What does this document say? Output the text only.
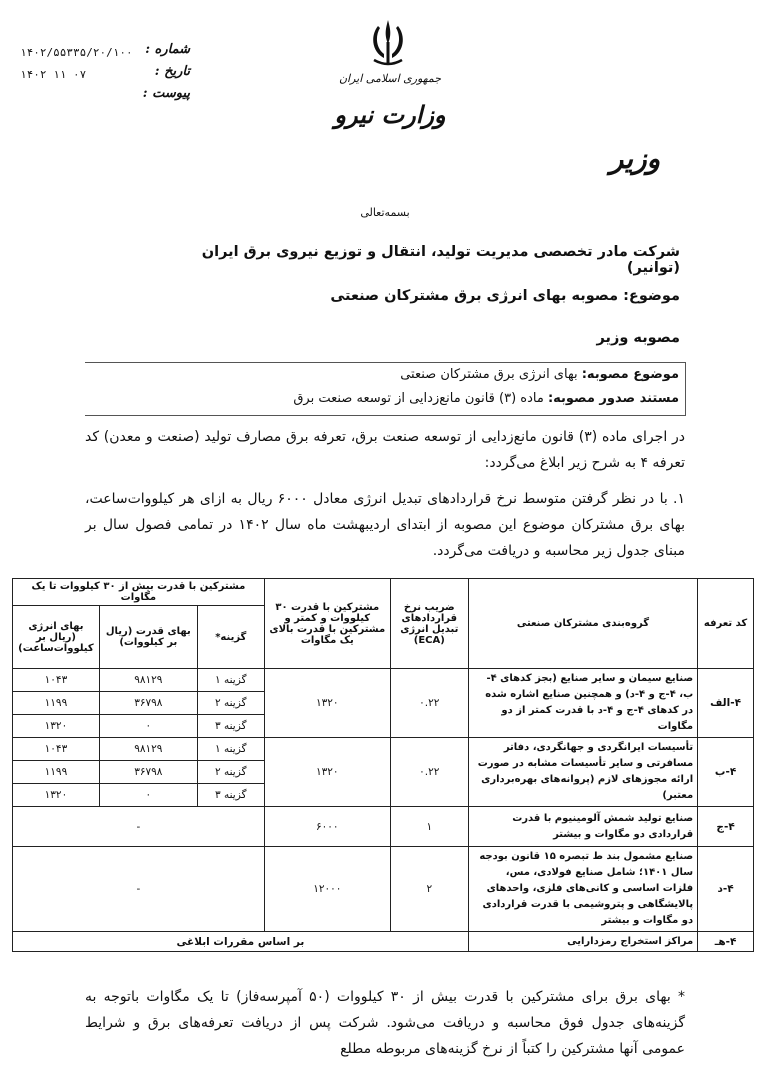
۱۴۰۲/۵۵۳۳۵/۲۰/۱۰۰ شماره :
۱۴۰۲ ۱۱ ۰۷	تاریخ :
پیوست :
جمهوری اسلامی ایران
وزارت نیرو
وزیر
بسمه‌تعالی
شرکت مادر تخصصی مدیریت تولید، انتقال و توزیع نیروی برق ایران (توانیر)
موضوع: مصوبه بهای انرژی برق مشترکان صنعتی
مصوبه وزیر
موضوع مصوبه: بهای انرژی برق مشترکان صنعتی
مستند صدور مصوبه: ماده (۳) قانون مانع‌زدایی از توسعه صنعت برق
در اجرای ماده (۳) قانون مانع‌زدایی از توسعه صنعت برق، تعرفه برق مصارف تولید (صنعت و معدن) کد تعرفه ۴ به شرح زیر ابلاغ می‌گردد:
۱. با در نظر گرفتن متوسط نرخ قراردادهای تبدیل انرژی معادل ۶۰۰۰ ریال به ازای هر کیلووات‌ساعت، بهای برق مشترکان موضوع این مصوبه از ابتدای اردیبهشت ماه سال ۱۴۰۲ در تمامی فصول سال بر مبنای جدول زیر محاسبه و دریافت می‌گردد.
کد تعرفه	گروه‌بندی مشترکان صنعتی	ضریب نرخ قراردادهای تبدیل انرژی (ECA)	مشترکین با قدرت ۳۰ کیلووات و کمتر و مشترکین با قدرت بالای یک مگاوات	مشترکین با قدرت بیش از ۳۰ کیلووات تا یک مگاوات		
				گزینه*	بهای قدرت (ریال بر کیلووات)	بهای انرژی (ریال بر کیلووات‌ساعت)
۴-الف	صنایع سیمان و سایر صنایع (بجز کدهای ۴-ب، ۴-ج و ۴-د) و همچنین صنایع اشاره شده در کدهای ۴-ج و ۴-د با قدرت کمتر از دو مگاوات	۰.۲۲	۱۳۲۰	گزینه ۱	۹۸۱۲۹	۱۰۴۳
				گزینه ۲	۳۶۷۹۸	۱۱۹۹
				گزینه ۳	۰	۱۳۲۰
۴-ب	تأسیسات ایرانگردی و جهانگردی، دفاتر مسافرتی و سایر تأسیسات مشابه در صورت ارائه مجوزهای لازم (پروانه‌های بهره‌برداری معتبر)	۰.۲۲	۱۳۲۰	گزینه ۱	۹۸۱۲۹	۱۰۴۳
				گزینه ۲	۳۶۷۹۸	۱۱۹۹
				گزینه ۳	۰	۱۳۲۰
۴-ج	صنایع تولید شمش آلومینیوم با قدرت قراردادی دو مگاوات و بیشتر	۱	۶۰۰۰	-		
۴-د	صنایع مشمول بند ط تبصره ۱۵ قانون بودجه سال ۱۴۰۱؛ شامل صنایع فولادی، مس، فلزات اساسی و کانی‌های فلزی، واحدهای پالایشگاهی و پتروشیمی با قدرت قراردادی دو مگاوات و بیشتر	۲	۱۲۰۰۰	-		
۴-هـ	مراکز استخراج رمزدارایی	بر اساس مقررات ابلاغی				
* بهای برق برای مشترکین با قدرت بیش از ۳۰ کیلووات (۵۰ آمپرسه‌فاز) تا یک مگاوات باتوجه به گزینه‌های جدول فوق محاسبه و دریافت می‌شود. شرکت پس از دریافت تعرفه‌های برق و شرایط عمومی آنها مشترکین را کتباً از نرخ گزینه‌های مربوطه مطلع
